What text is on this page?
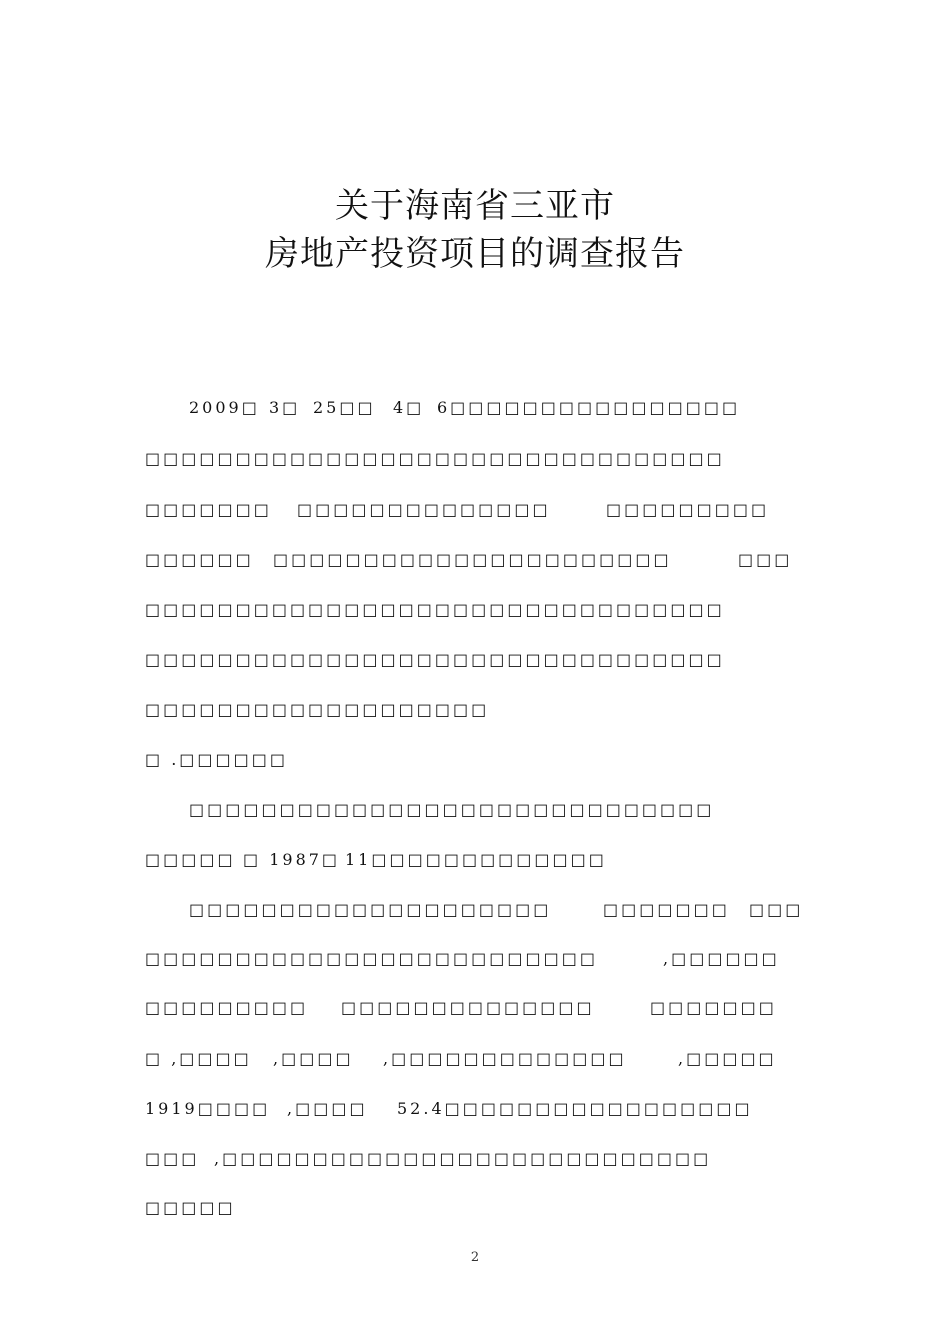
关于海南省三亚市
房地产投资项目的调查报告
2009□ 3□ 25□□ 4□ 6□□□□□□□□□□□□□□□□
□□□□□□□□□□□□□□□□□□□□□□□□□□□□□□□□
□□□□□□□ □□□□□□□□□□□□□□	□□□□□□□□□
□□□□□□ □□□□□□□□□□□□□□□□□□□□□□	□□□
□□□□□□□□□□□□□□□□□□□□□□□□□□□□□□□□
□□□□□□□□□□□□□□□□□□□□□□□□□□□□□□□□
□□□□□□□□□□□□□□□□□□□
□ .□□□□□□
□□□□□□□□□□□□□□□□□□□□□□□□□□□□□
□□□□□ □ 1987□ 11□□□□□□□□□□□□□
□□□□□□□□□□□□□□□□□□□□	□□□□□□□ □□□
□□□□□□□□□□□□□□□□□□□□□□□□□	,□□□□□□
□□□□□□□□□ □□□□□□□□□□□□□□	□□□□□□□
□ ,□□□□ ,□□□□ ,□□□□□□□□□□□□□	,□□□□□
1919□□□□ ,□□□□ 52.4□□□□□□□□□□□□□□□□□
□□□ ,□□□□□□□□□□□□□□□□□□□□□□□□□□□
□□□□□
2
